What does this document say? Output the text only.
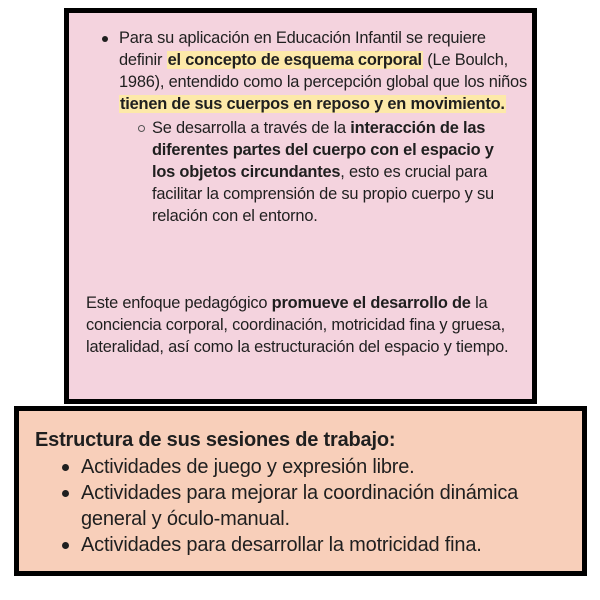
Para su aplicación en Educación Infantil se requiere definir el concepto de esquema corporal (Le Boulch, 1986), entendido como la percepción global que los niños tienen de sus cuerpos en reposo y en movimiento.
Se desarrolla a través de la interacción de las diferentes partes del cuerpo con el espacio y los objetos circundantes, esto es crucial para facilitar la comprensión de su propio cuerpo y su relación con el entorno.
Este enfoque pedagógico promueve el desarrollo de la conciencia corporal, coordinación, motricidad fina y gruesa, lateralidad, así como la estructuración del espacio y tiempo.
Estructura de sus sesiones de trabajo:
Actividades de juego y expresión libre.
Actividades para mejorar la coordinación dinámica general y óculo-manual.
Actividades para desarrollar la motricidad fina.
